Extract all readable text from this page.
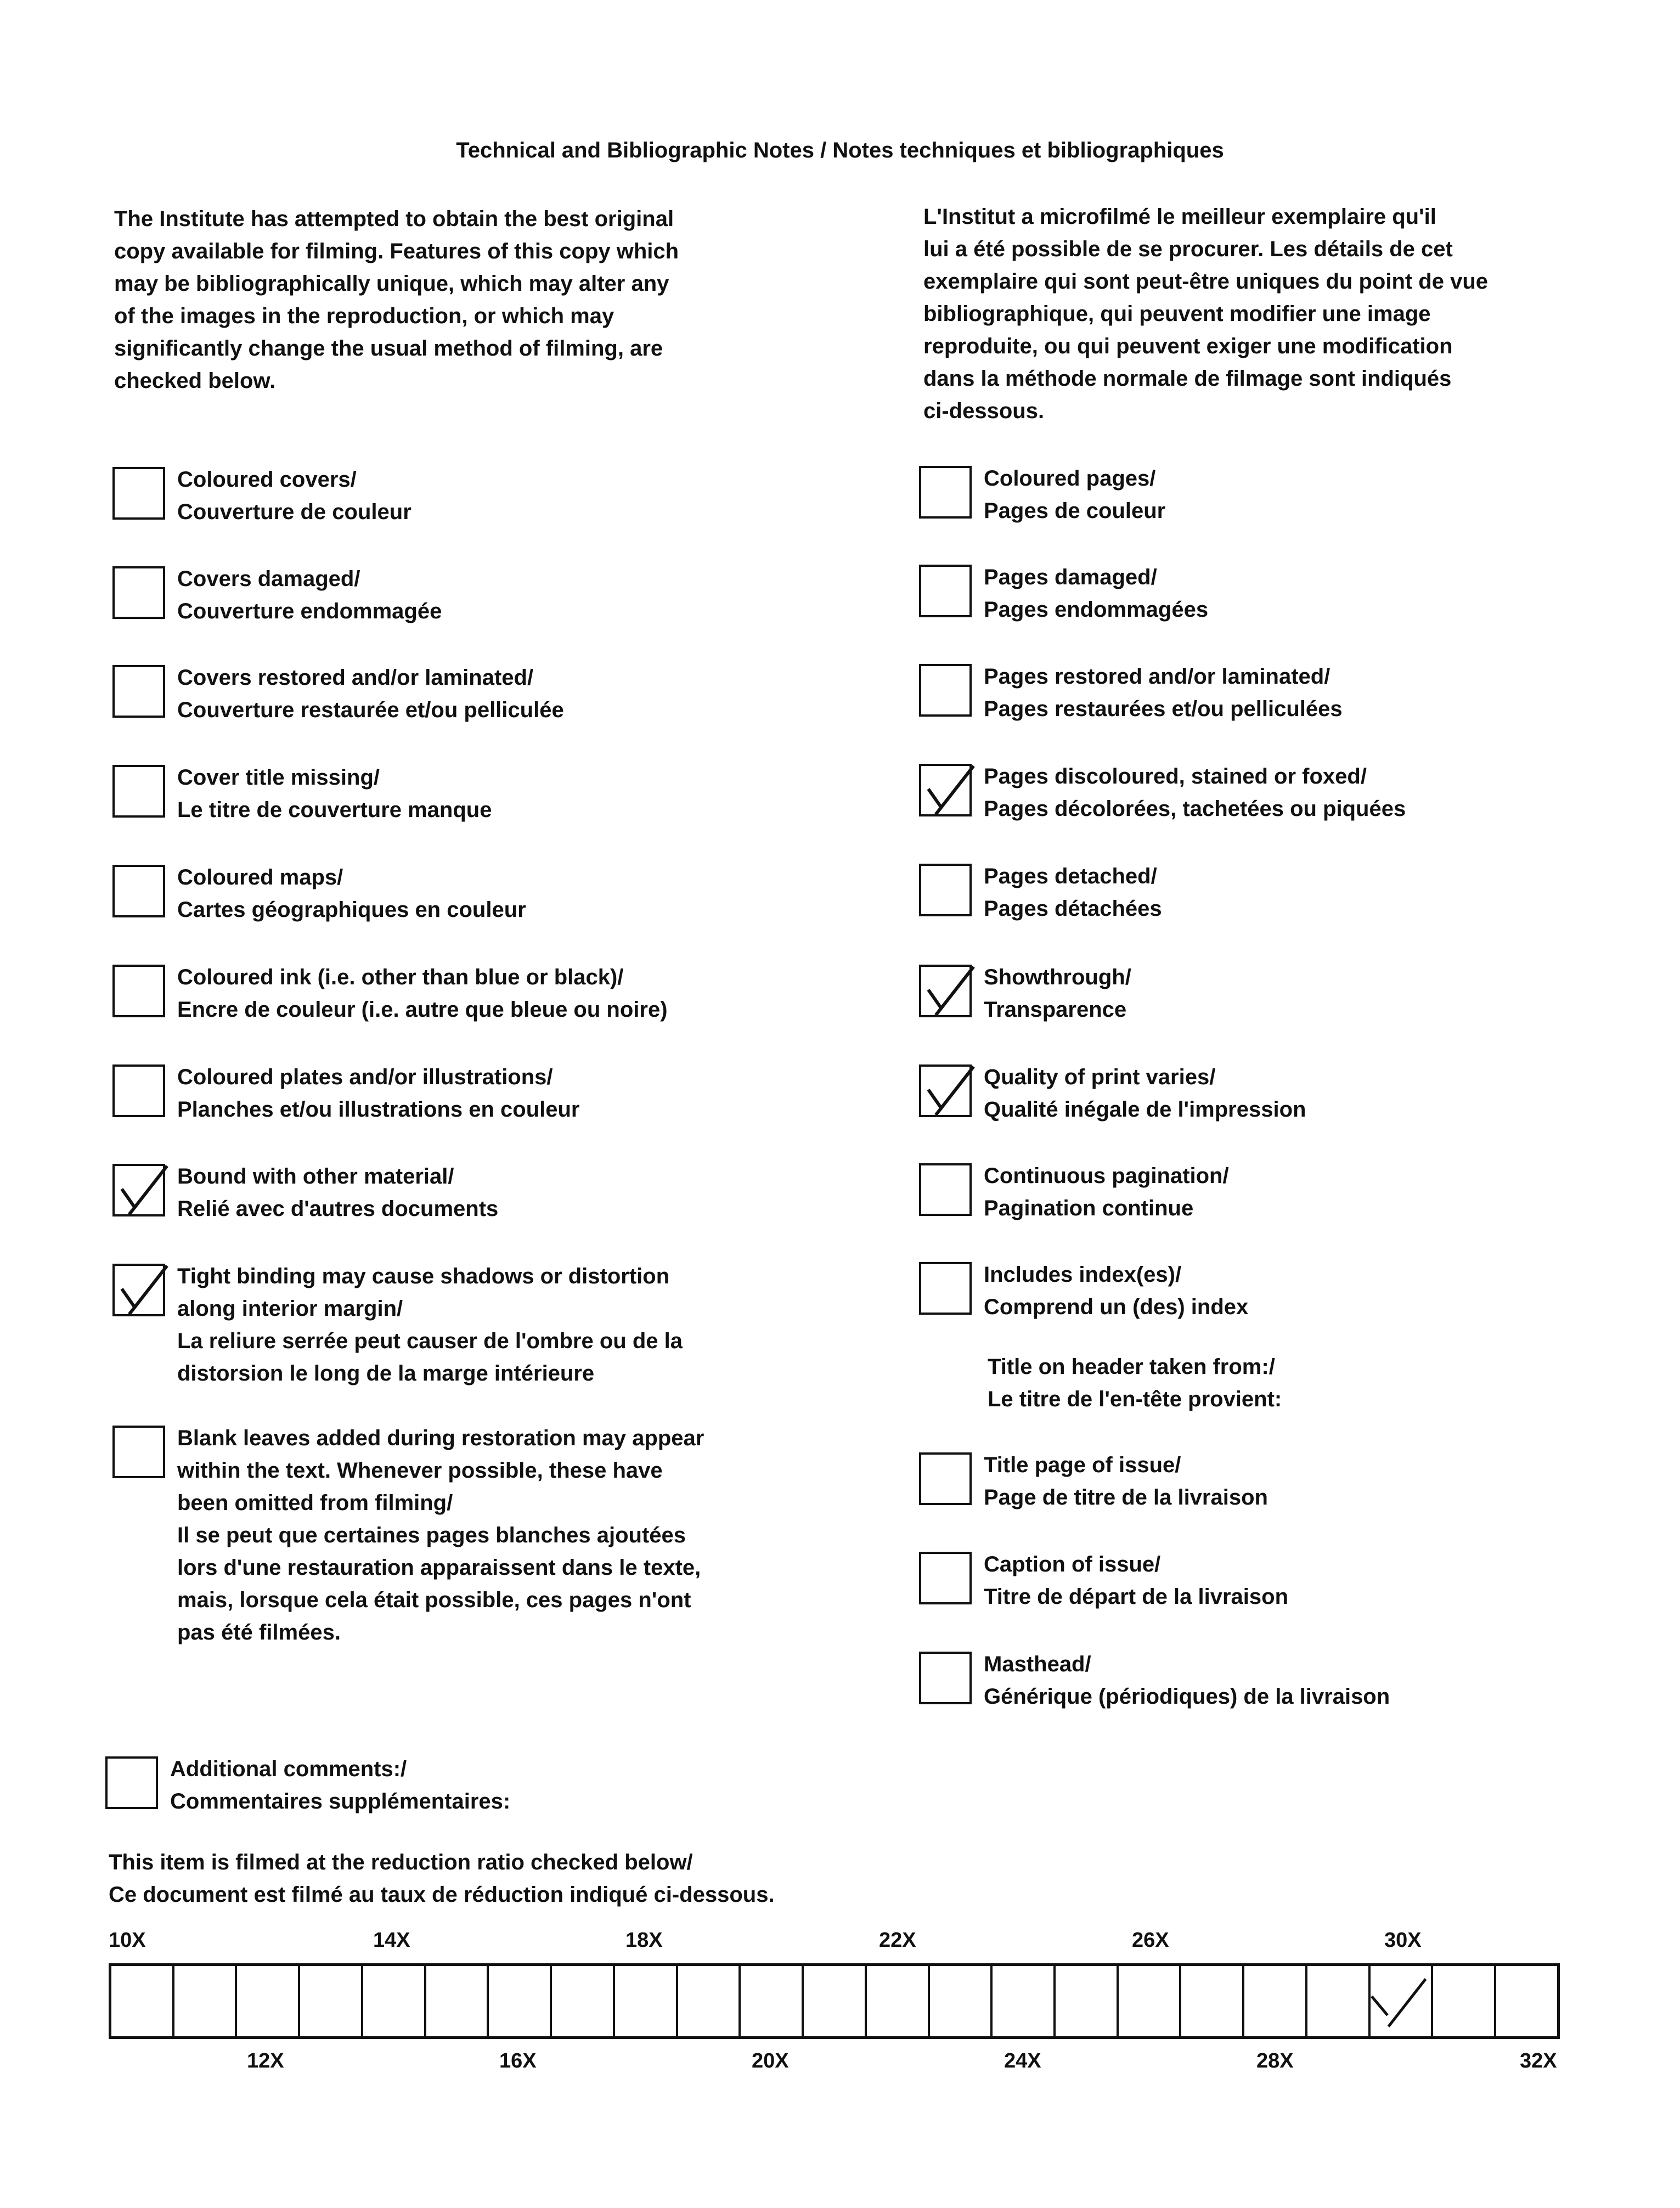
Technical and Bibliographic Notes / Notes techniques et bibliographiques
The Institute has attempted to obtain the best original
copy available for filming. Features of this copy which
may be bibliographically unique, which may alter any
of the images in the reproduction, or which may
significantly change the usual method of filming, are
checked below.
L'Institut a microfilmé le meilleur exemplaire qu'il
lui a été possible de se procurer. Les détails de cet
exemplaire qui sont peut-être uniques du point de vue
bibliographique, qui peuvent modifier une image
reproduite, ou qui peuvent exiger une modification
dans la méthode normale de filmage sont indiqués
ci-dessous.
Coloured covers/
Couverture de couleur
Covers damaged/
Couverture endommagée
Covers restored and/or laminated/
Couverture restaurée et/ou pelliculée
Cover title missing/
Le titre de couverture manque
Coloured maps/
Cartes géographiques en couleur
Coloured ink (i.e. other than blue or black)/
Encre de couleur (i.e. autre que bleue ou noire)
Coloured plates and/or illustrations/
Planches et/ou illustrations en couleur
Bound with other material/
Relié avec d'autres documents
Tight binding may cause shadows or distortion
along interior margin/
La reliure serrée peut causer de l'ombre ou de la
distorsion le long de la marge intérieure
Blank leaves added during restoration may appear
within the text. Whenever possible, these have
been omitted from filming/
Il se peut que certaines pages blanches ajoutées
lors d'une restauration apparaissent dans le texte,
mais, lorsque cela était possible, ces pages n'ont
pas été filmées.
Coloured pages/
Pages de couleur
Pages damaged/
Pages endommagées
Pages restored and/or laminated/
Pages restaurées et/ou pelliculées
Pages discoloured, stained or foxed/
Pages décolorées, tachetées ou piquées
Pages detached/
Pages détachées
Showthrough/
Transparence
Quality of print varies/
Qualité inégale de l'impression
Continuous pagination/
Pagination continue
Includes index(es)/
Comprend un (des) index
Title on header taken from:/
Le titre de l'en-tête provient:
Title page of issue/
Page de titre de la livraison
Caption of issue/
Titre de départ de la livraison
Masthead/
Générique (périodiques) de la livraison
Additional comments:/
Commentaires supplémentaires:
This item is filmed at the reduction ratio checked below/
Ce document est filmé au taux de réduction indiqué ci-dessous.
10X	14X	18X	22X	26X	30X
12X	16X	20X	24X	28X	32X
